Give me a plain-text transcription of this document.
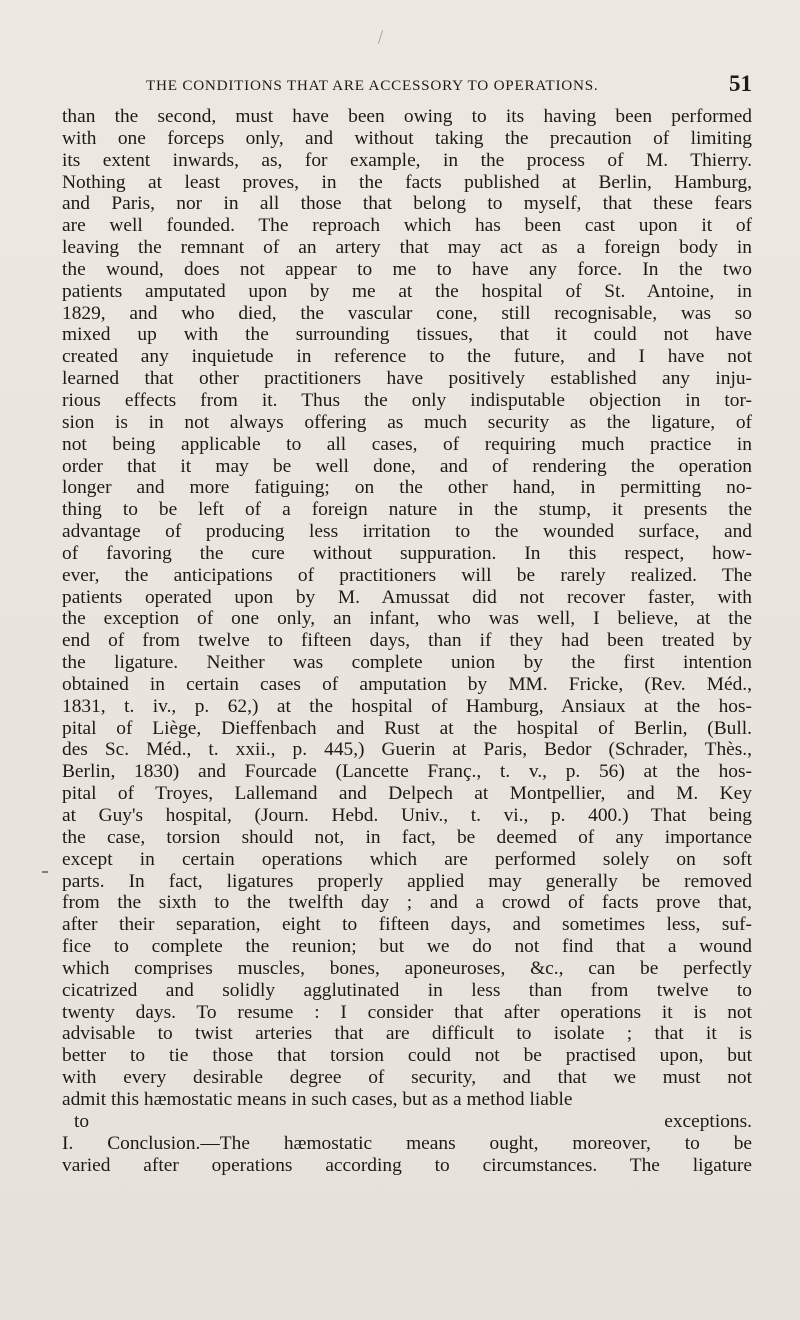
THE CONDITIONS THAT ARE ACCESSORY TO OPERATIONS.	51
than the second, must have been owing to its having been performed
with one forceps only, and without taking the precaution of limiting
its extent inwards, as, for example, in the process of M. Thierry.
Nothing at least proves, in the facts published at Berlin, Hamburg,
and Paris, nor in all those that belong to myself, that these fears
are well founded. The reproach which has been cast upon it of
leaving the remnant of an artery that may act as a foreign body in
the wound, does not appear to me to have any force. In the two
patients amputated upon by me at the hospital of St. Antoine, in
1829, and who died, the vascular cone, still recognisable, was so
mixed up with the surrounding tissues, that it could not have
created any inquietude in reference to the future, and I have not
learned that other practitioners have positively established any inju-
rious effects from it. Thus the only indisputable objection in tor-
sion is in not always offering as much security as the ligature, of
not being applicable to all cases, of requiring much practice in
order that it may be well done, and of rendering the operation
longer and more fatiguing; on the other hand, in permitting no-
thing to be left of a foreign nature in the stump, it presents the
advantage of producing less irritation to the wounded surface, and
of favoring the cure without suppuration. In this respect, how-
ever, the anticipations of practitioners will be rarely realized. The
patients operated upon by M. Amussat did not recover faster, with
the exception of one only, an infant, who was well, I believe, at the
end of from twelve to fifteen days, than if they had been treated by
the ligature. Neither was complete union by the first intention
obtained in certain cases of amputation by MM. Fricke, (Rev. Méd.,
1831, t. iv., p. 62,) at the hospital of Hamburg, Ansiaux at the hos-
pital of Liège, Dieffenbach and Rust at the hospital of Berlin, (Bull.
des Sc. Méd., t. xxii., p. 445,) Guerin at Paris, Bedor (Schrader, Thès.,
Berlin, 1830) and Fourcade (Lancette Franç., t. v., p. 56) at the hos-
pital of Troyes, Lallemand and Delpech at Montpellier, and M. Key
at Guy's hospital, (Journ. Hebd. Univ., t. vi., p. 400.) That being
the case, torsion should not, in fact, be deemed of any importance
except in certain operations which are performed solely on soft
parts. In fact, ligatures properly applied may generally be removed
from the sixth to the twelfth day ; and a crowd of facts prove that,
after their separation, eight to fifteen days, and sometimes less, suf-
fice to complete the reunion; but we do not find that a wound
which comprises muscles, bones, aponeuroses, &c., can be perfectly
cicatrized and solidly agglutinated in less than from twelve to
twenty days. To resume : I consider that after operations it is not
advisable to twist arteries that are difficult to isolate ; that it is
better to tie those that torsion could not be practised upon, but
with every desirable degree of security, and that we must not
admit this hæmostatic means in such cases, but as a method liable
to exceptions.
I. Conclusion.—The hæmostatic means ought, moreover, to be
varied after operations according to circumstances. The ligature
